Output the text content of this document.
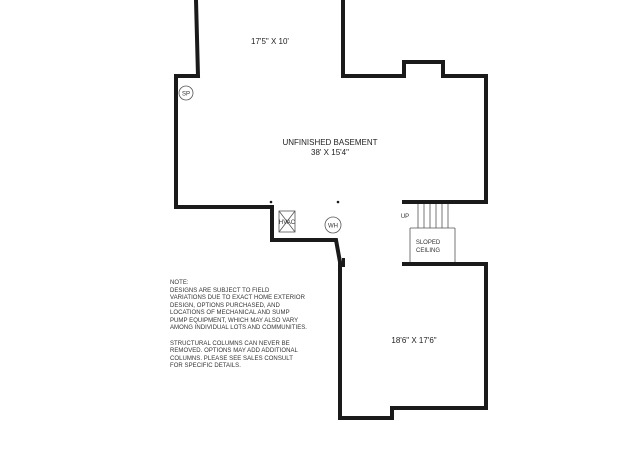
SP
WH
17'5" X 10'
UNFINISHED BASEMENT
38' X 15'4"
18'6" X 17'6"
HVAC
UP
SLOPED
CEILING
NOTE:
DESIGNS ARE SUBJECT TO FIELD
VARIATIONS DUE TO EXACT HOME EXTERIOR
DESIGN, OPTIONS PURCHASED, AND
LOCATIONS OF MECHANICAL AND SUMP
PUMP EQUIPMENT, WHICH MAY ALSO VARY
AMONG INDIVIDUAL LOTS AND COMMUNITIES.
STRUCTURAL COLUMNS CAN NEVER BE
REMOVED. OPTIONS MAY ADD ADDITIONAL
COLUMNS. PLEASE SEE SALES CONSULT
FOR SPECIFIC DETAILS.
